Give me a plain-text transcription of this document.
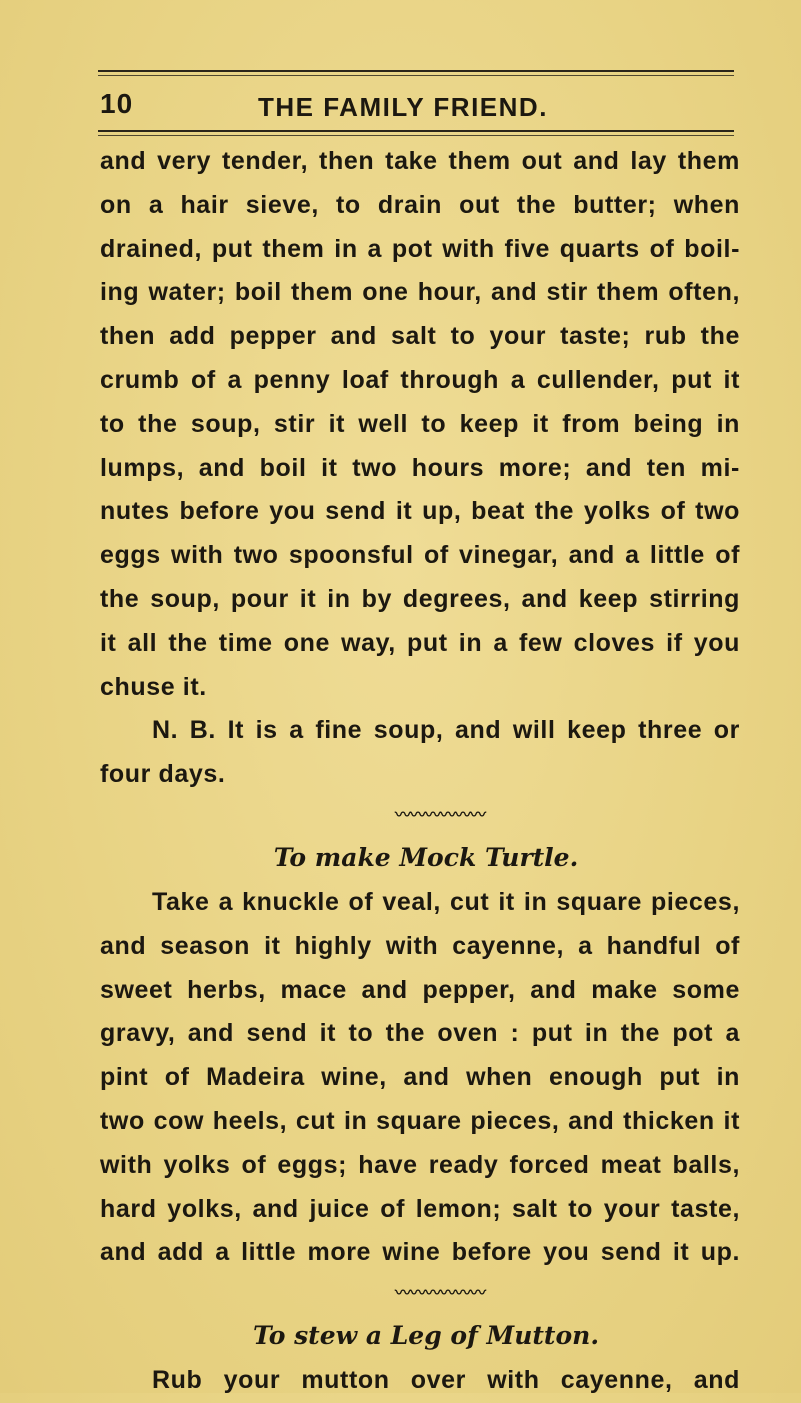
10	THE FAMILY FRIEND.
and very tender, then take them out and lay them
on a hair sieve, to drain out the butter; when
drained, put them in a pot with five quarts of boil-
ing water; boil them one hour, and stir them often,
then add pepper and salt to your taste; rub the
crumb of a penny loaf through a cullender, put it
to the soup, stir it well to keep it from being in
lumps, and boil it two hours more; and ten mi-
nutes before you send it up, beat the yolks of two
eggs with two spoonsful of vinegar, and a little of
the soup, pour it in by degrees, and keep stirring
it all the time one way, put in a few cloves if you
chuse it.
N. B. It is a fine soup, and will keep three or
four days.
〰〰〰〰〰〰
To make Mock Turtle.
Take a knuckle of veal, cut it in square pieces,
and season it highly with cayenne, a handful of
sweet herbs, mace and pepper, and make some
gravy, and send it to the oven : put in the pot a
pint of Madeira wine, and when enough put in
two cow heels, cut in square pieces, and thicken it
with yolks of eggs; have ready forced meat balls,
hard yolks, and juice of lemon; salt to your taste,
and add a little more wine before you send it up.
〰〰〰〰〰〰
To stew a Leg of Mutton.
Rub your mutton over with cayenne, and
